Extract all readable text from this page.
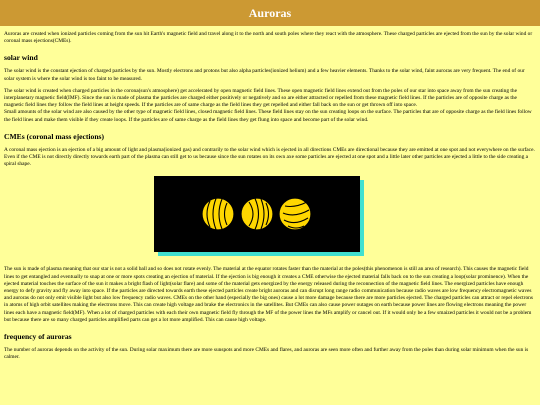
Auroras

Auroras are created when ionized particles coming from the sun hit Earth's magnetic field and travel along it to the north and south poles where they react with the atmosphere. These charged particles are ejected from the sun by the solar wind or coronal mass ejections(CMEs).

solar wind

The solar wind is the constant ejection of charged particles by the sun. Mostly electrons and protons but also alpha particles(ionized helium) and a few heavier elements. Thanks to the solar wind, faint auroras are very frequent. The end of our solar system is where the solar wind is too faint to be measured.

The solar wind is created when charged particles in the corona(sun's atmosphere) get accelerated by open magnetic field lines. These open magnetic field lines extend out from the poles of our star into space away from the sun creating the interplanetary magnetic field(IMF). Since the sun is made of plasma the particles are charged either positively or negatively and so are either attracted or repelled from these magnetic field lines. If the particles are of opposite charge as the magnetic field lines they follow the field lines at height speeds. If the particles are of same charge as the field lines they get repelled and either fall back on the sun or get thrown off into space.

Small amounts of the solar wind are also caused by the other type of magnetic field lines, closed magnetic field lines. These field lines stay on the sun creating loops on the surface. The particles that are of opposite charge as the field lines follow the field lines and make them visible if they create loops. If the particles are of same charge as the field lines they get flung into space and become part of the solar wind.

CMEs (coronal mass ejections)

A coronal mass ejection is an ejection of a big amount of light and plasma(ionized gas) and contrarily to the solar wind which is ejected in all directions CMEs are directional because they are emitted at one spot and not everywhere on the surface. Even if the CME is not directly directly towards earth part of the plasma can still get to us because since the sun rotates on its own axe some particles are ejected at one spot and a little later other particles are ejected a little to the side creating a spiral shape.

The sun is made of plasma meaning that our star is not a solid ball and so does not rotate evenly. The material at the equator rotates faster than the material at the poles(this phenomenon is still an area of research). This causes the magnetic field lines to get entangled and eventually to snap at one or more spots creating an ejection of material. If the ejection is big enough it creates a CME otherwise the ejected material falls back on to the sun creating a loop(solar prominence). When the ejected material touches the surface of the sun it makes a bright flash of light(solar flare) and some of the material gets energized by the energy released during the reconnection of the magnetic field lines. The energized particles have enough energy to defy gravity and fly away into space. If the particles are directed towards earth these ejected particles create bright auroras and can disrupt long range radio communication because radio waves are low frequency electromagnetic waves and auroras do not only emit visible light but also low frequency radio waves. CMEs on the other hand (especially the big ones) cause a lot more damage because there are more particles ejected. The charged particles can attract or repel electrons in atoms of high orbit satellites making the electrons move. This can create high voltage and brake the electronics in the satellites. But CMEs can also cause power outages on earth because power lines are flowing electrons meaning the power lines each have a magnetic field(MF). When a lot of charged particles with each their own magnetic field fly through the MF of the power lines the MFs amplify or cancel out. If it would only be a few smaized particles it would not be a problem but because there are so many charged particles amplified parts can get a lot more amplified. This can cause high voltage.

frequency of auroras

The number of auroras depends on the activity of the sun. During solar maximum there are more sunspots and more CMEs and flares, and auroras are seen more often and further away from the poles than during solar minimum when the sun is calmer.
